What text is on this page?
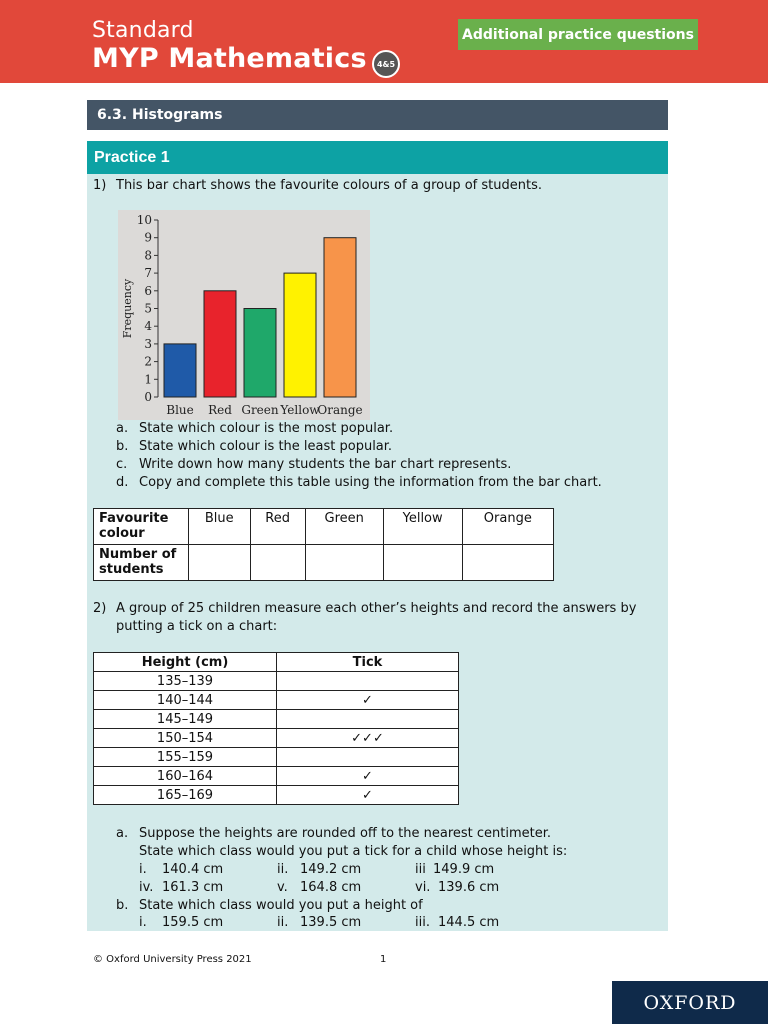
Standard
MYP Mathematics	4&5
Additional practice questions
6.3. Histograms
Practice 1
1) This bar chart shows the favourite colours of a group of students.
0
1
2
3
4
5
6
7
8
9
10
Frequency
Blue Red Green Yellow
Orange
a. State which colour is the most popular.
b. State which colour is the least popular.
c. Write down how many students the bar chart represents.
d. Copy and complete this table using the information from the bar chart.
Favourite
colour	Blue	Red	Green	Yellow	Orange

Number of
students					

2) A group of 25 children measure each other’s heights and record the answers by
putting a tick on a chart:
Height (cm)	Tick
135–139	
140–144	✓
145–149	
150–154	✓✓✓
155–159	
160–164	✓
165–169	✓
a. Suppose the heights are rounded off to the nearest centimeter.
State which class would you put a tick for a child whose height is:
i. 140.4 cm	ii. 149.2 cm	iii 149.9 cm
iv. 161.3 cm	v. 164.8 cm	vi. 139.6 cm
b. State which class would you put a height of
i. 159.5 cm	ii. 139.5 cm	iii. 144.5 cm
© Oxford University Press 2021	1
OXFORD
